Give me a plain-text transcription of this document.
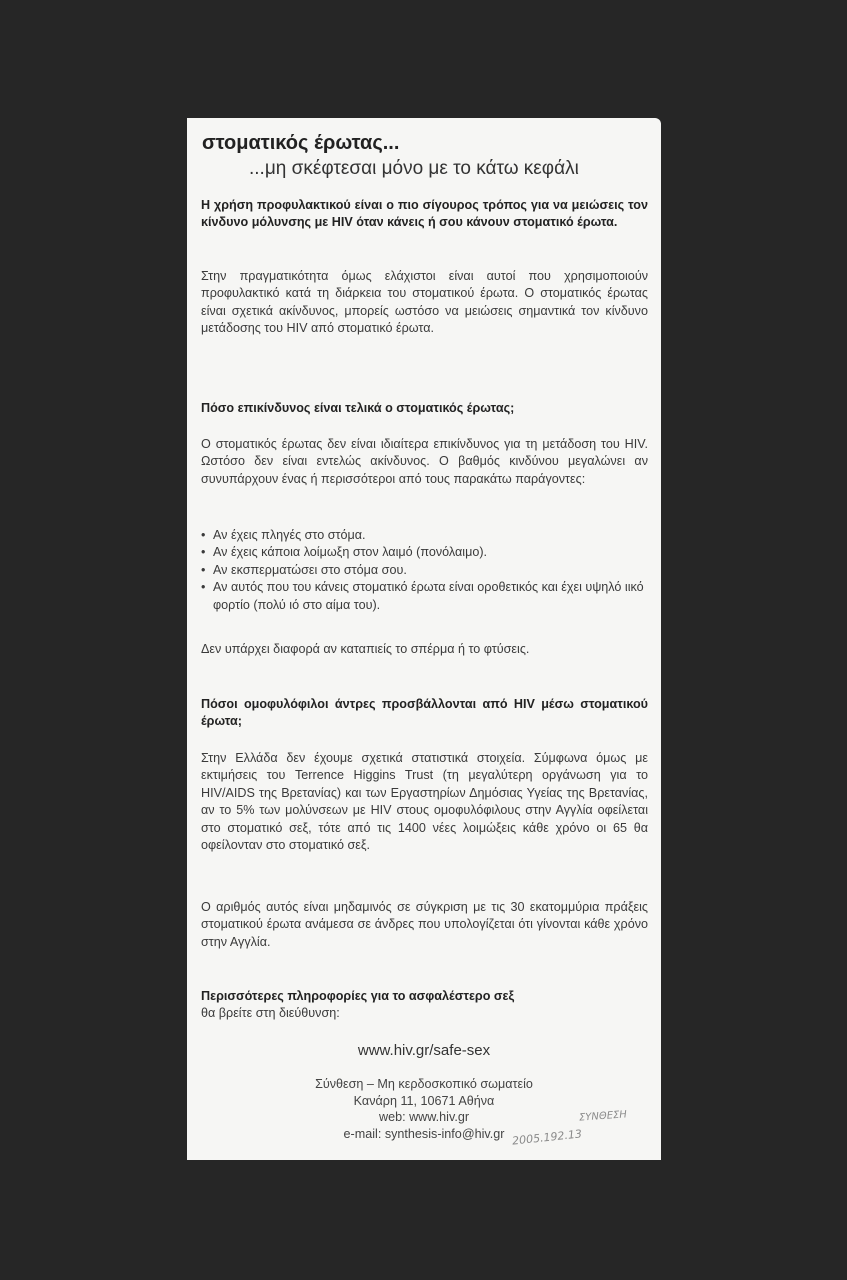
στοματικός έρωτας...

...μη σκέφτεσαι μόνο με το κάτω κεφάλι

Η χρήση προφυλακτικού είναι ο πιο σίγουρος τρόπος για να μειώσεις τον κίνδυνο μόλυνσης με HIV όταν κάνεις ή σου κάνουν στοματικό έρωτα.

Στην πραγματικότητα όμως ελάχιστοι είναι αυτοί που χρησιμοποιούν προφυλακτικό κατά τη διάρκεια του στοματικού έρωτα. Ο στοματικός έρωτας είναι σχετικά ακίνδυνος, μπορείς ωστόσο να μειώσεις σημαντικά τον κίνδυνο μετάδοσης του HIV από στοματικό έρωτα.

Πόσο επικίνδυνος είναι τελικά ο στοματικός έρωτας;

Ο στοματικός έρωτας δεν είναι ιδιαίτερα επικίνδυνος για τη μετάδοση του HIV. Ωστόσο δεν είναι εντελώς ακίνδυνος. Ο βαθμός κινδύνου μεγαλώνει αν συνυπάρχουν ένας ή περισσότεροι από τους παρακάτω παράγοντες:

• Αν έχεις πληγές στο στόμα.
• Αν έχεις κάποια λοίμωξη στον λαιμό (πονόλαιμο).
• Αν εκσπερματώσει στο στόμα σου.
• Αν αυτός που του κάνεις στοματικό έρωτα είναι οροθετικός και έχει υψηλό ιικό φορτίο (πολύ ιό στο αίμα του).

Δεν υπάρχει διαφορά αν καταπιείς το σπέρμα ή το φτύσεις.

Πόσοι ομοφυλόφιλοι άντρες προσβάλλονται από HIV μέσω στοματικού έρωτα;

Στην Ελλάδα δεν έχουμε σχετικά στατιστικά στοιχεία. Σύμφωνα όμως με εκτιμήσεις του Terrence Higgins Trust (τη μεγαλύτερη οργάνωση για το HIV/AIDS της Βρετανίας) και των Εργαστηρίων Δημόσιας Υγείας της Βρετανίας, αν το 5% των μολύνσεων με HIV στους ομοφυλόφιλους στην Αγγλία οφείλεται στο στοματικό σεξ, τότε από τις 1400 νέες λοιμώξεις κάθε χρόνο οι 65 θα οφείλονταν στο στοματικό σεξ.

Ο αριθμός αυτός είναι μηδαμινός σε σύγκριση με τις 30 εκατομμύρια πράξεις στοματικού έρωτα ανάμεσα σε άνδρες που υπολογίζεται ότι γίνονται κάθε χρόνο στην Αγγλία.

Περισσότερες πληροφορίες για το ασφαλέστερο σεξ
θα βρείτε στη διεύθυνση:

www.hiv.gr/safe-sex

Σύνθεση – Μη κερδοσκοπικό σωματείο
Κανάρη 11, 10671 Αθήνα
web: www.hiv.gr
e-mail: synthesis-info@hiv.gr
ΣΥΝΘΕΣΗ
2005.192.13
